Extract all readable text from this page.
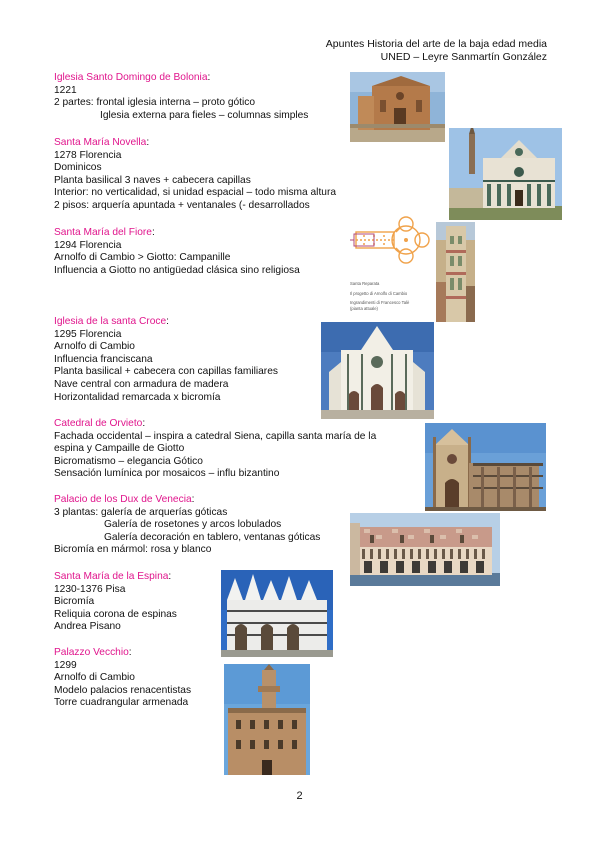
Apuntes Historia del arte de la baja edad media
UNED – Leyre Sanmartín González
Iglesia Santo Domingo de Bolonia:
1221
2 partes: frontal iglesia interna – proto gótico
Iglesia externa para fieles – columnas simples
Santa María Novella:
1278 Florencia
Dominicos
Planta basilical 3 naves + cabecera capillas
Interior: no verticalidad, si unidad espacial – todo misma altura
2 pisos: arquería apuntada + ventanales (- desarrollados
Santa María del Fiore:
1294 Florencia
Arnolfo di Cambio > Giotto: Campanille
Influencia a Giotto no antigüedad clásica sino religiosa
Iglesia de la santa Croce:
1295 Florencia
Arnolfo di Cambio
Influencia franciscana
Planta basilical + cabecera con capillas familiares
Nave central con armadura de madera
Horizontalidad remarcada x bicromía
Catedral de Orvieto:
Fachada occidental – inspira a catedral Siena, capilla santa maría de la
espina y Campaille de Giotto
Bicromatismo – elegancia Gótico
Sensación lumínica por mosaicos – influ bizantino
Palacio de los Dux de Venecia:
3 plantas: galería de arquerías góticas
Galería de rosetones y arcos lobulados
Galería decoración en tablero, ventanas góticas
Bicromía en mármol: rosa y blanco
Santa María de la Espina:
1230-1376 Pisa
Bicromía
Reliquia corona de espinas
Andrea Pisano
Palazzo Vecchio:
1299
Arnolfo di Cambio
Modelo palacios renacentistas
Torre cuadrangular armenada
Santa Reparata
Il progetto di Arnolfo di Cambio
Ingrandimenti di Francesco Talè
(pianta attuale)
2
